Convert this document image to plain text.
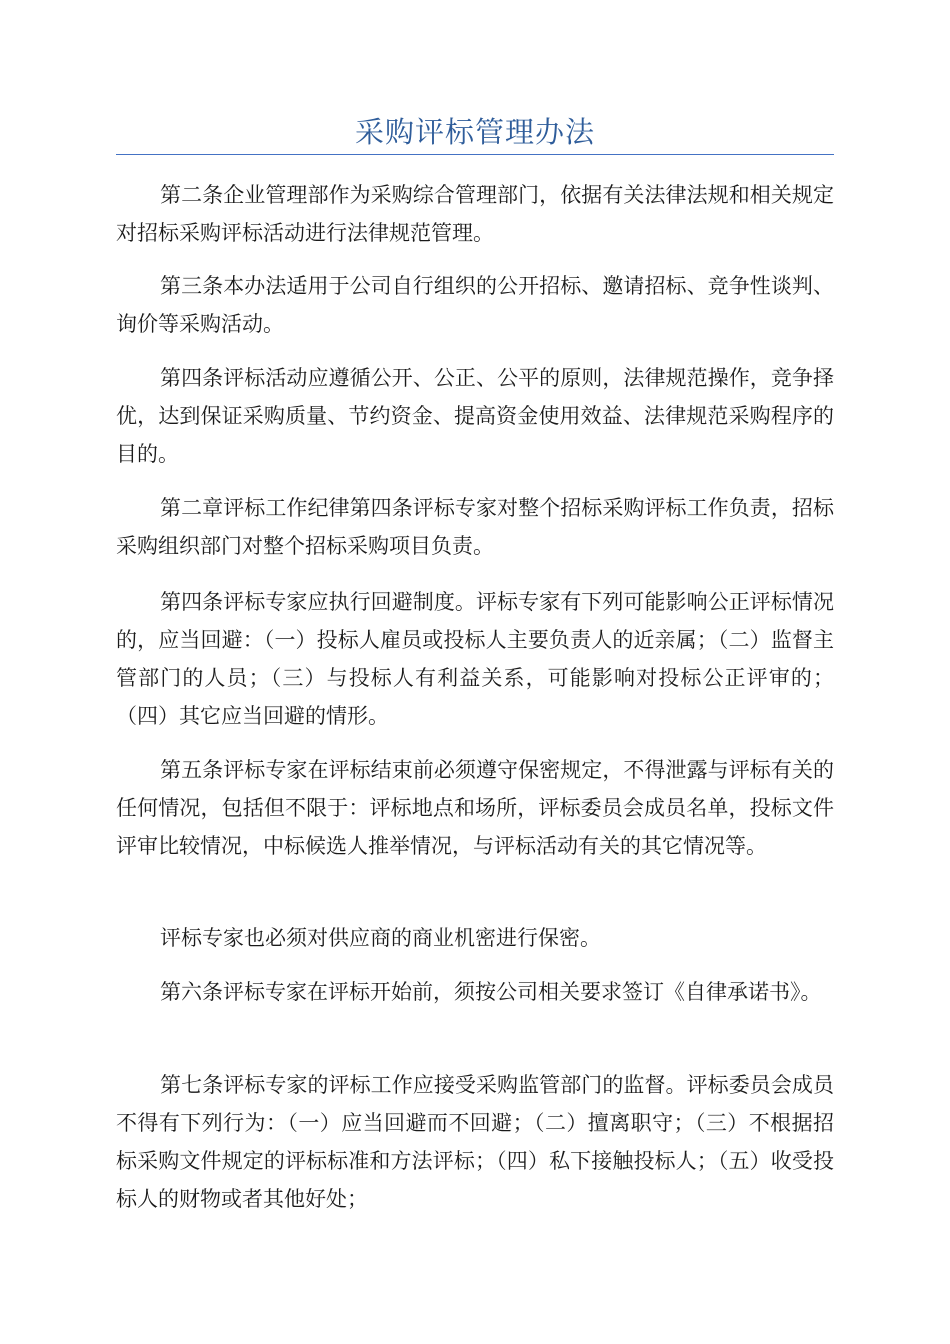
采购评标管理办法

第二条企业管理部作为采购综合管理部门，依据有关法律法规和相关规定对招标采购评标活动进行法律规范管理。

第三条本办法适用于公司自行组织的公开招标、邀请招标、竞争性谈判、询价等采购活动。

第四条评标活动应遵循公开、公正、公平的原则，法律规范操作，竞争择优，达到保证采购质量、节约资金、提高资金使用效益、法律规范采购程序的目的。

第二章评标工作纪律第四条评标专家对整个招标采购评标工作负责，招标采购组织部门对整个招标采购项目负责。

第四条评标专家应执行回避制度。评标专家有下列可能影响公正评标情况的，应当回避：（一）投标人雇员或投标人主要负责人的近亲属；（二）监督主管部门的人员；（三）与投标人有利益关系，可能影响对投标公正评审的；（四）其它应当回避的情形。

第五条评标专家在评标结束前必须遵守保密规定，不得泄露与评标有关的任何情况，包括但不限于：评标地点和场所，评标委员会成员名单，投标文件评审比较情况，中标候选人推举情况，与评标活动有关的其它情况等。

评标专家也必须对供应商的商业机密进行保密。

第六条评标专家在评标开始前，须按公司相关要求签订《自律承诺书》。

第七条评标专家的评标工作应接受采购监管部门的监督。评标委员会成员不得有下列行为：（一）应当回避而不回避；（二）擅离职守；（三）不根据招标采购文件规定的评标标准和方法评标；（四）私下接触投标人；（五）收受投标人的财物或者其他好处；
